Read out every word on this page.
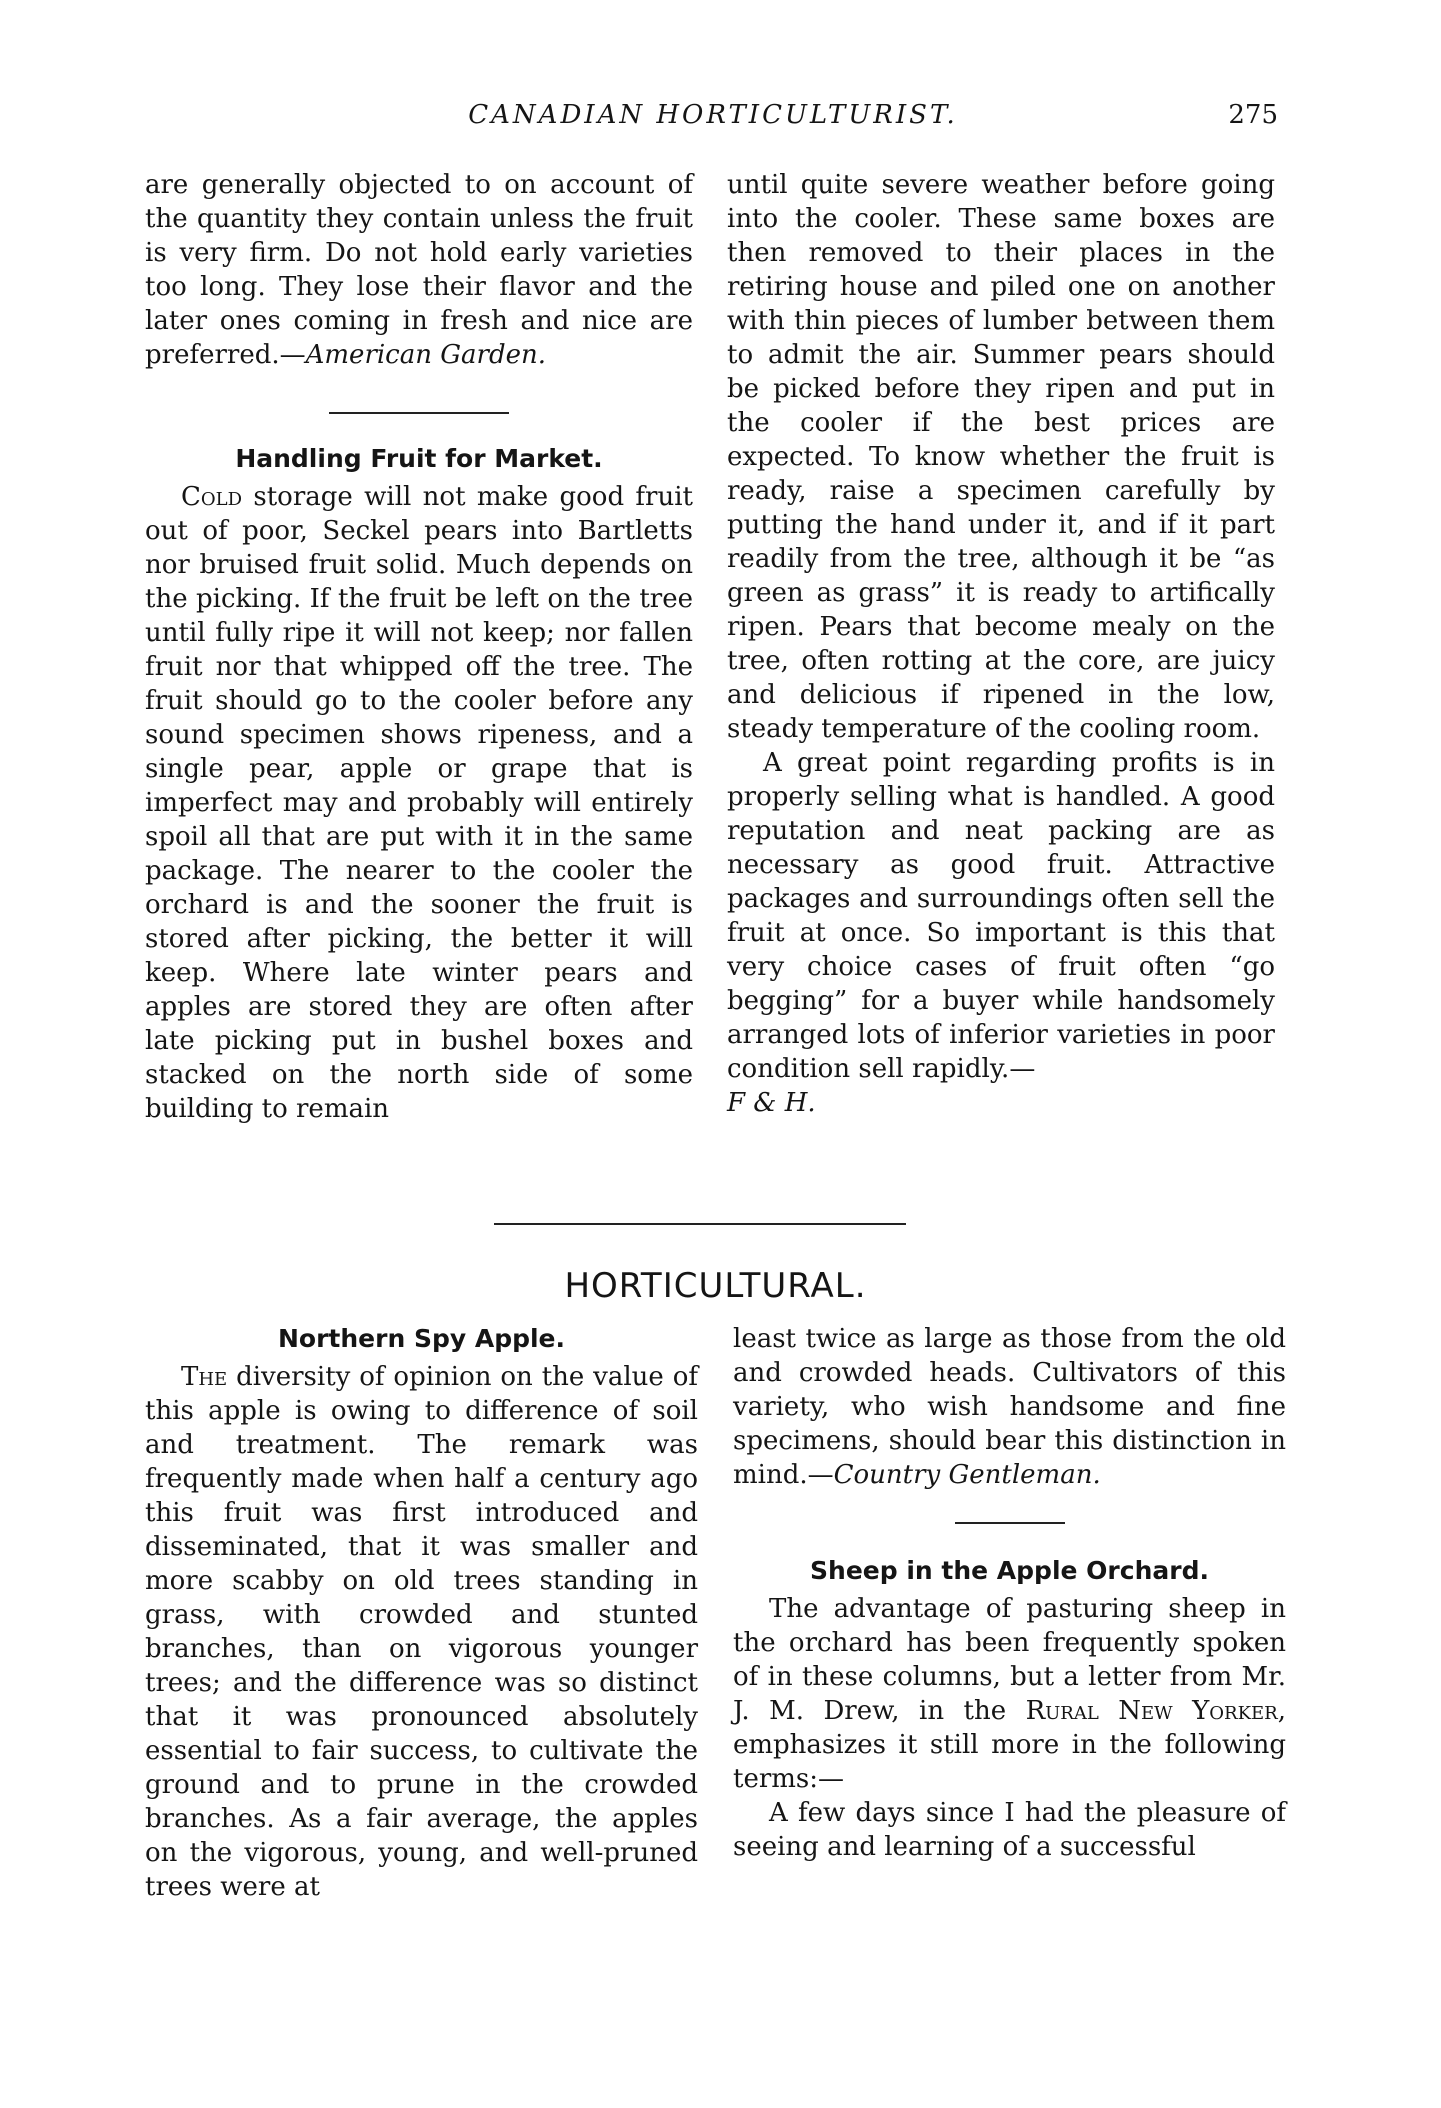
CANADIAN HORTICULTURIST.	275

are generally objected to on account of the quantity they contain unless the fruit is very firm. Do not hold early varieties too long. They lose their flavor and the later ones coming in fresh and nice are preferred.—American Garden.

Handling Fruit for Market.

Cold storage will not make good fruit out of poor, Seckel pears into Bartletts nor bruised fruit solid. Much depends on the picking. If the fruit be left on the tree until fully ripe it will not keep; nor fallen fruit nor that whipped off the tree. The fruit should go to the cooler before any sound specimen shows ripeness, and a single pear, apple or grape that is imperfect may and probably will entirely spoil all that are put with it in the same package. The nearer to the cooler the orchard is and the sooner the fruit is stored after picking, the better it will keep. Where late winter pears and apples are stored they are often after late picking put in bushel boxes and stacked on the north side of some building to remain

until quite severe weather before going into the cooler. These same boxes are then removed to their places in the retiring house and piled one on another with thin pieces of lumber between them to admit the air. Summer pears should be picked before they ripen and put in the cooler if the best prices are expected. To know whether the fruit is ready, raise a specimen carefully by putting the hand under it, and if it part readily from the tree, although it be “as green as grass” it is ready to artifically ripen. Pears that become mealy on the tree, often rotting at the core, are juicy and delicious if ripened in the low, steady temperature of the cooling room.

A great point regarding profits is in properly selling what is handled. A good reputation and neat packing are as necessary as good fruit. Attractive packages and surroundings often sell the fruit at once. So important is this that very choice cases of fruit often “go begging” for a buyer while handsomely arranged lots of inferior varieties in poor condition sell rapidly.—
F & H.

HORTICULTURAL.
Northern Spy Apple.

The diversity of opinion on the value of this apple is owing to difference of soil and treatment. The remark was frequently made when half a century ago this fruit was first introduced and disseminated, that it was smaller and more scabby on old trees standing in grass, with crowded and stunted branches, than on vigorous younger trees; and the difference was so distinct that it was pronounced absolutely essential to fair success, to cultivate the ground and to prune in the crowded branches. As a fair average, the apples on the vigorous, young, and well-pruned trees were at

least twice as large as those from the old and crowded heads. Cultivators of this variety, who wish handsome and fine specimens, should bear this distinction in mind.—Country Gentleman.

Sheep in the Apple Orchard.

The advantage of pasturing sheep in the orchard has been frequently spoken of in these columns, but a letter from Mr. J. M. Drew, in the Rural New Yorker, emphasizes it still more in the following terms:—

A few days since I had the pleasure of seeing and learning of a successful
